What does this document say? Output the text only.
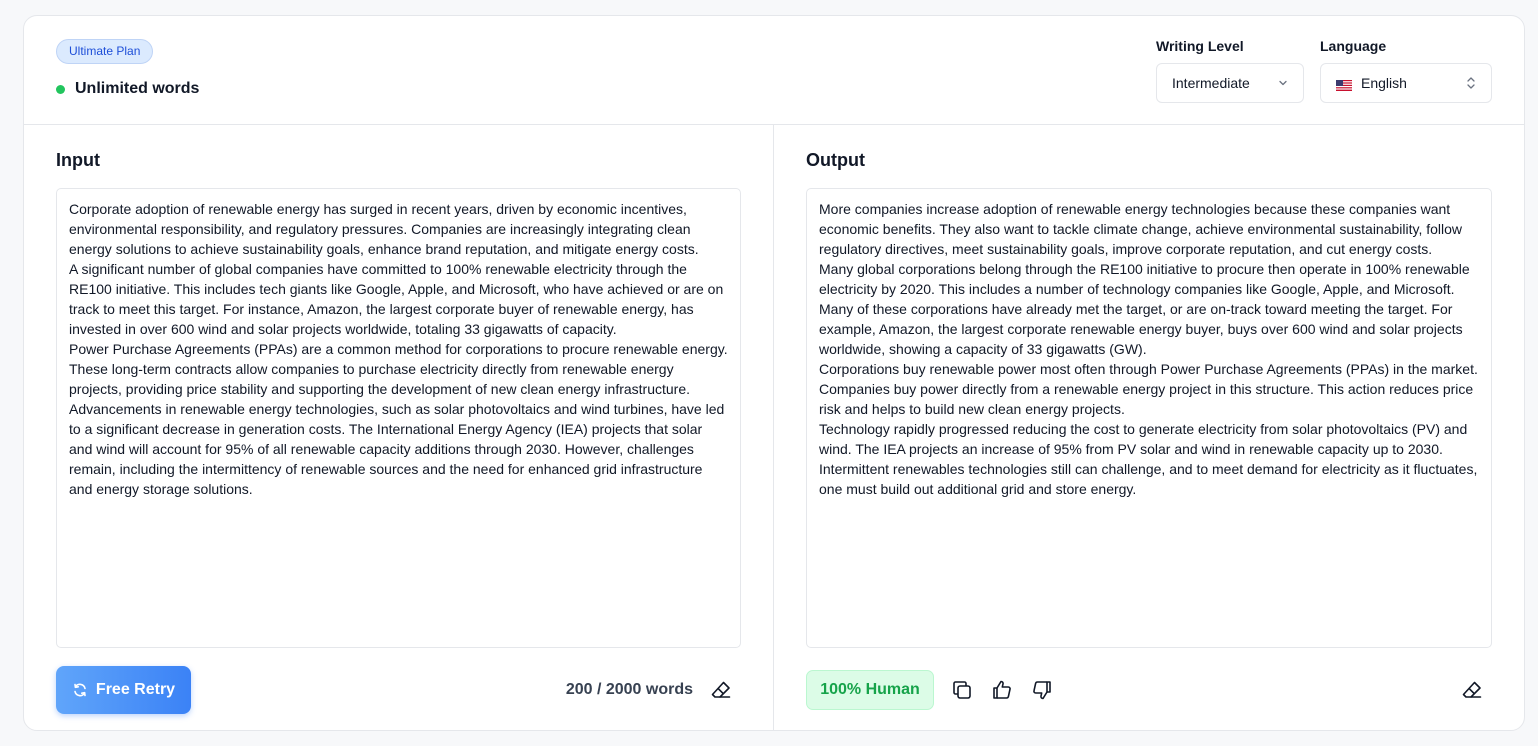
Ultimate Plan
Unlimited words
Writing Level
Intermediate
Language
English
Input

Corporate adoption of renewable energy has surged in recent years, driven by economic incentives, environmental responsibility, and regulatory pressures. Companies are increasingly integrating clean energy solutions to achieve sustainability goals, enhance brand reputation, and mitigate energy costs.

A significant number of global companies have committed to 100% renewable electricity through the RE100 initiative. This includes tech giants like Google, Apple, and Microsoft, who have achieved or are on track to meet this target. For instance, Amazon, the largest corporate buyer of renewable energy, has invested in over 600 wind and solar projects worldwide, totaling 33 gigawatts of capacity.

Power Purchase Agreements (PPAs) are a common method for corporations to procure renewable energy. These long-term contracts allow companies to purchase electricity directly from renewable energy projects, providing price stability and supporting the development of new clean energy infrastructure.

Advancements in renewable energy technologies, such as solar photovoltaics and wind turbines, have led to a significant decrease in generation costs. The International Energy Agency (IEA) projects that solar and wind will account for 95% of all renewable capacity additions through 2030. However, challenges remain, including the intermittency of renewable sources and the need for enhanced grid infrastructure and energy storage solutions.

Free Retry	200 / 2000 words
Output

More companies increase adoption of renewable energy technologies because these companies want economic benefits. They also want to tackle climate change, achieve environmental sustainability, follow regulatory directives, meet sustainability goals, improve corporate reputation, and cut energy costs.

Many global corporations belong through the RE100 initiative to procure then operate in 100% renewable electricity by 2020. This includes a number of technology companies like Google, Apple, and Microsoft. Many of these corporations have already met the target, or are on-track toward meeting the target. For example, Amazon, the largest corporate renewable energy buyer, buys over 600 wind and solar projects worldwide, showing a capacity of 33 gigawatts (GW).

Corporations buy renewable power most often through Power Purchase Agreements (PPAs) in the market. Companies buy power directly from a renewable energy project in this structure. This action reduces price risk and helps to build new clean energy projects.

Technology rapidly progressed reducing the cost to generate electricity from solar photovoltaics (PV) and wind. The IEA projects an increase of 95% from PV solar and wind in renewable capacity up to 2030. Intermittent renewables technologies still can challenge, and to meet demand for electricity as it fluctuates, one must build out additional grid and store energy.

100% Human
